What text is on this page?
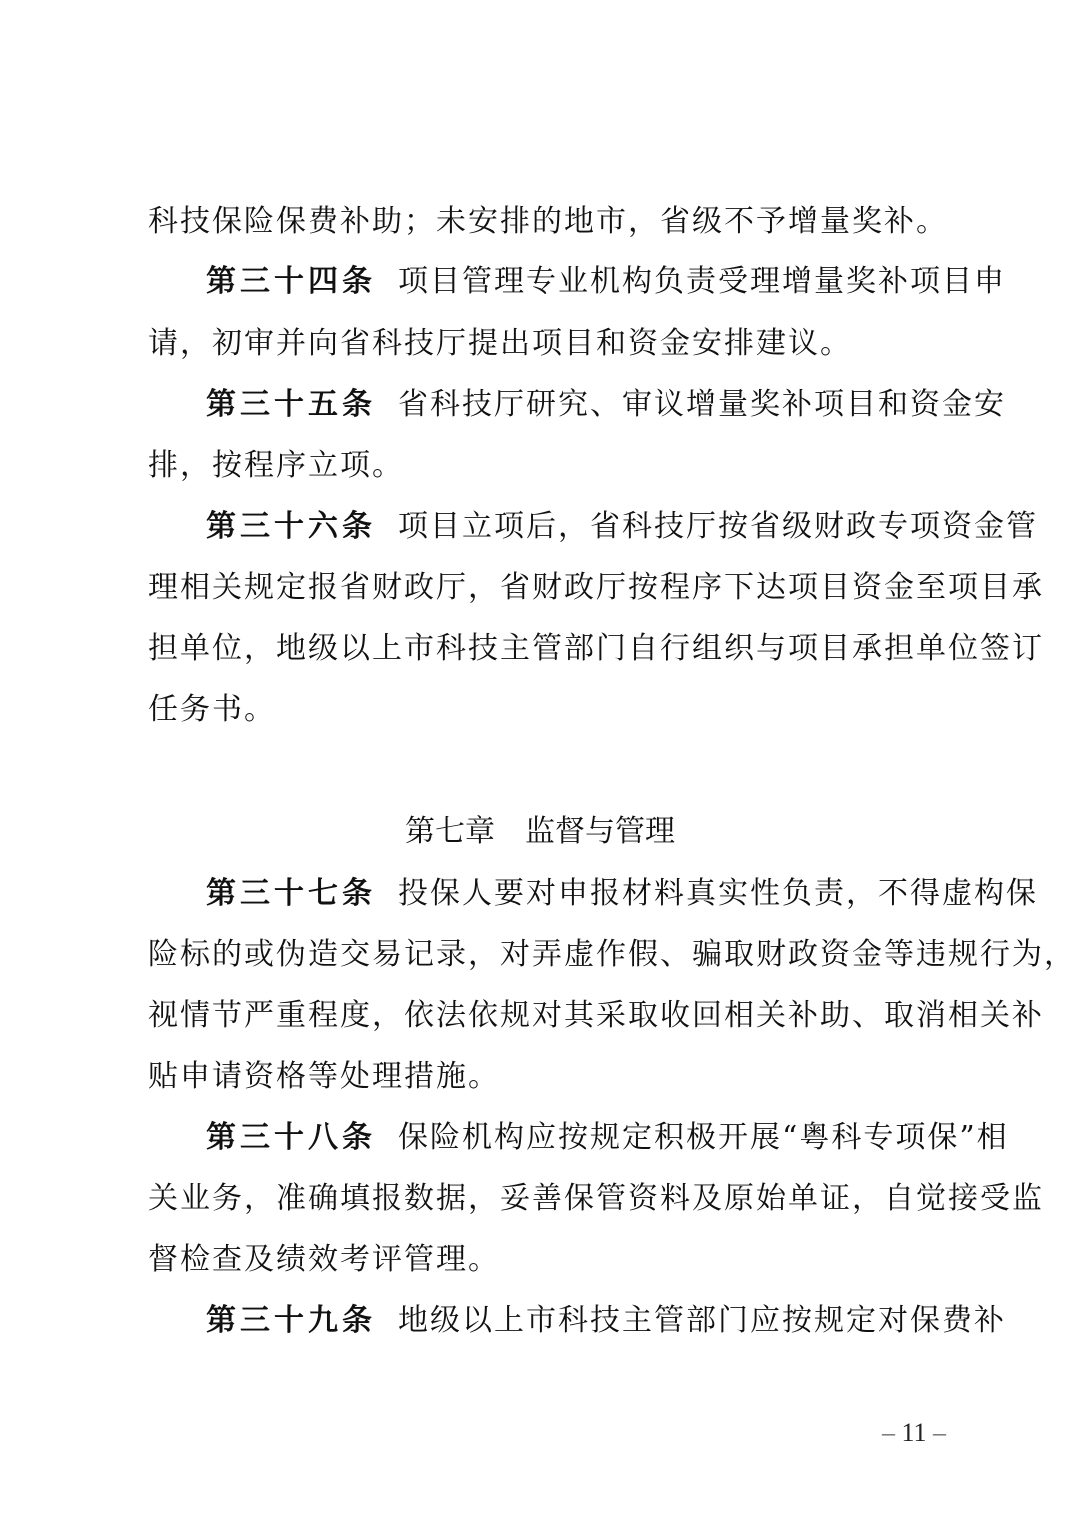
科技保险保费补助；未安排的地市，省级不予增量奖补。
第三十四条 项目管理专业机构负责受理增量奖补项目申
请，初审并向省科技厅提出项目和资金安排建议。
第三十五条 省科技厅研究、审议增量奖补项目和资金安
排，按程序立项。
第三十六条 项目立项后，省科技厅按省级财政专项资金管
理相关规定报省财政厅，省财政厅按程序下达项目资金至项目承
担单位，地级以上市科技主管部门自行组织与项目承担单位签订
任务书。
第七章 监督与管理
第三十七条 投保人要对申报材料真实性负责，不得虚构保
险标的或伪造交易记录，对弄虚作假、骗取财政资金等违规行为，
视情节严重程度，依法依规对其采取收回相关补助、取消相关补
贴申请资格等处理措施。
第三十八条 保险机构应按规定积极开展“粤科专项保”相
关业务，准确填报数据，妥善保管资料及原始单证，自觉接受监
督检查及绩效考评管理。
第三十九条 地级以上市科技主管部门应按规定对保费补
– 11 –
